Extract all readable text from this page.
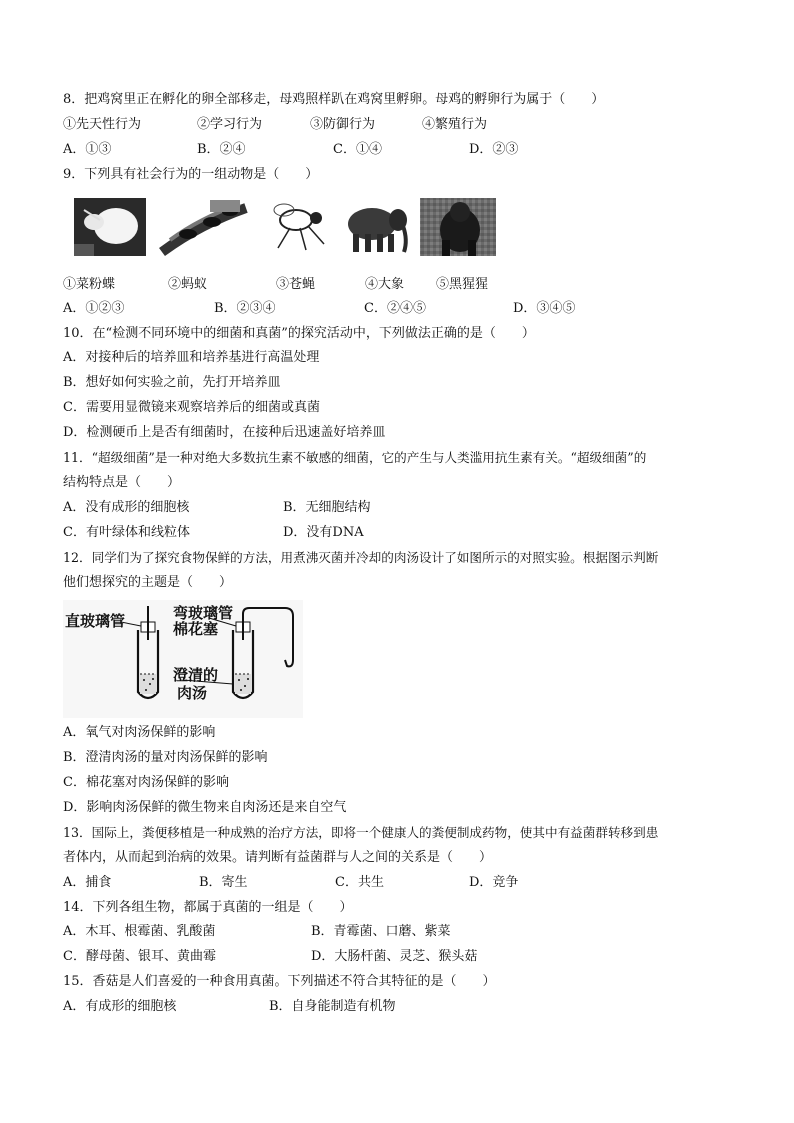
8．把鸡窝里正在孵化的卵全部移走，母鸡照样趴在鸡窝里孵卵。母鸡的孵卵行为属于（　　）
①先天性行为	②学习行为	③防御行为	④繁殖行为
A．①③	B．②④	C．①④	D．②③
9．下列具有社会行为的一组动物是（　　）
①菜粉蝶	②蚂蚁	③苍蝇	④大象 ⑤黑猩猩
A．①②③	B．②③④	C．②④⑤	D．③④⑤
10．在“检测不同环境中的细菌和真菌”的探究活动中，下列做法正确的是（　　）
A．对接种后的培养皿和培养基进行高温处理
B．想好如何实验之前，先打开培养皿
C．需要用显微镜来观察培养后的细菌或真菌
D．检测硬币上是否有细菌时，在接种后迅速盖好培养皿
11．“超级细菌”是一种对绝大多数抗生素不敏感的细菌，它的产生与人类滥用抗生素有关。“超级细菌”的
结构特点是（　　）
A．没有成形的细胞核	B．无细胞结构
C．有叶绿体和线粒体	D．没有DNA
12．同学们为了探究食物保鲜的方法，用煮沸灭菌并冷却的肉汤设计了如图所示的对照实验。根据图示判断
他们想探究的主题是（　　）
直玻璃管	弯玻璃管
棉花塞
澄清的
肉汤
A．氧气对肉汤保鲜的影响
B．澄清肉汤的量对肉汤保鲜的影响
C．棉花塞对肉汤保鲜的影响
D．影响肉汤保鲜的微生物来自肉汤还是来自空气
13．国际上，粪便移植是一种成熟的治疗方法，即将一个健康人的粪便制成药物，使其中有益菌群转移到患
者体内，从而起到治病的效果。请判断有益菌群与人之间的关系是（　　）
A．捕食	B．寄生	C．共生	D．竞争
14．下列各组生物，都属于真菌的一组是（　　）
A．木耳、根霉菌、乳酸菌	B．青霉菌、口蘑、紫菜
C．酵母菌、银耳、黄曲霉	D．大肠杆菌、灵芝、猴头菇
15．香菇是人们喜爱的一种食用真菌。下列描述不符合其特征的是（　　）
A．有成形的细胞核	B．自身能制造有机物
